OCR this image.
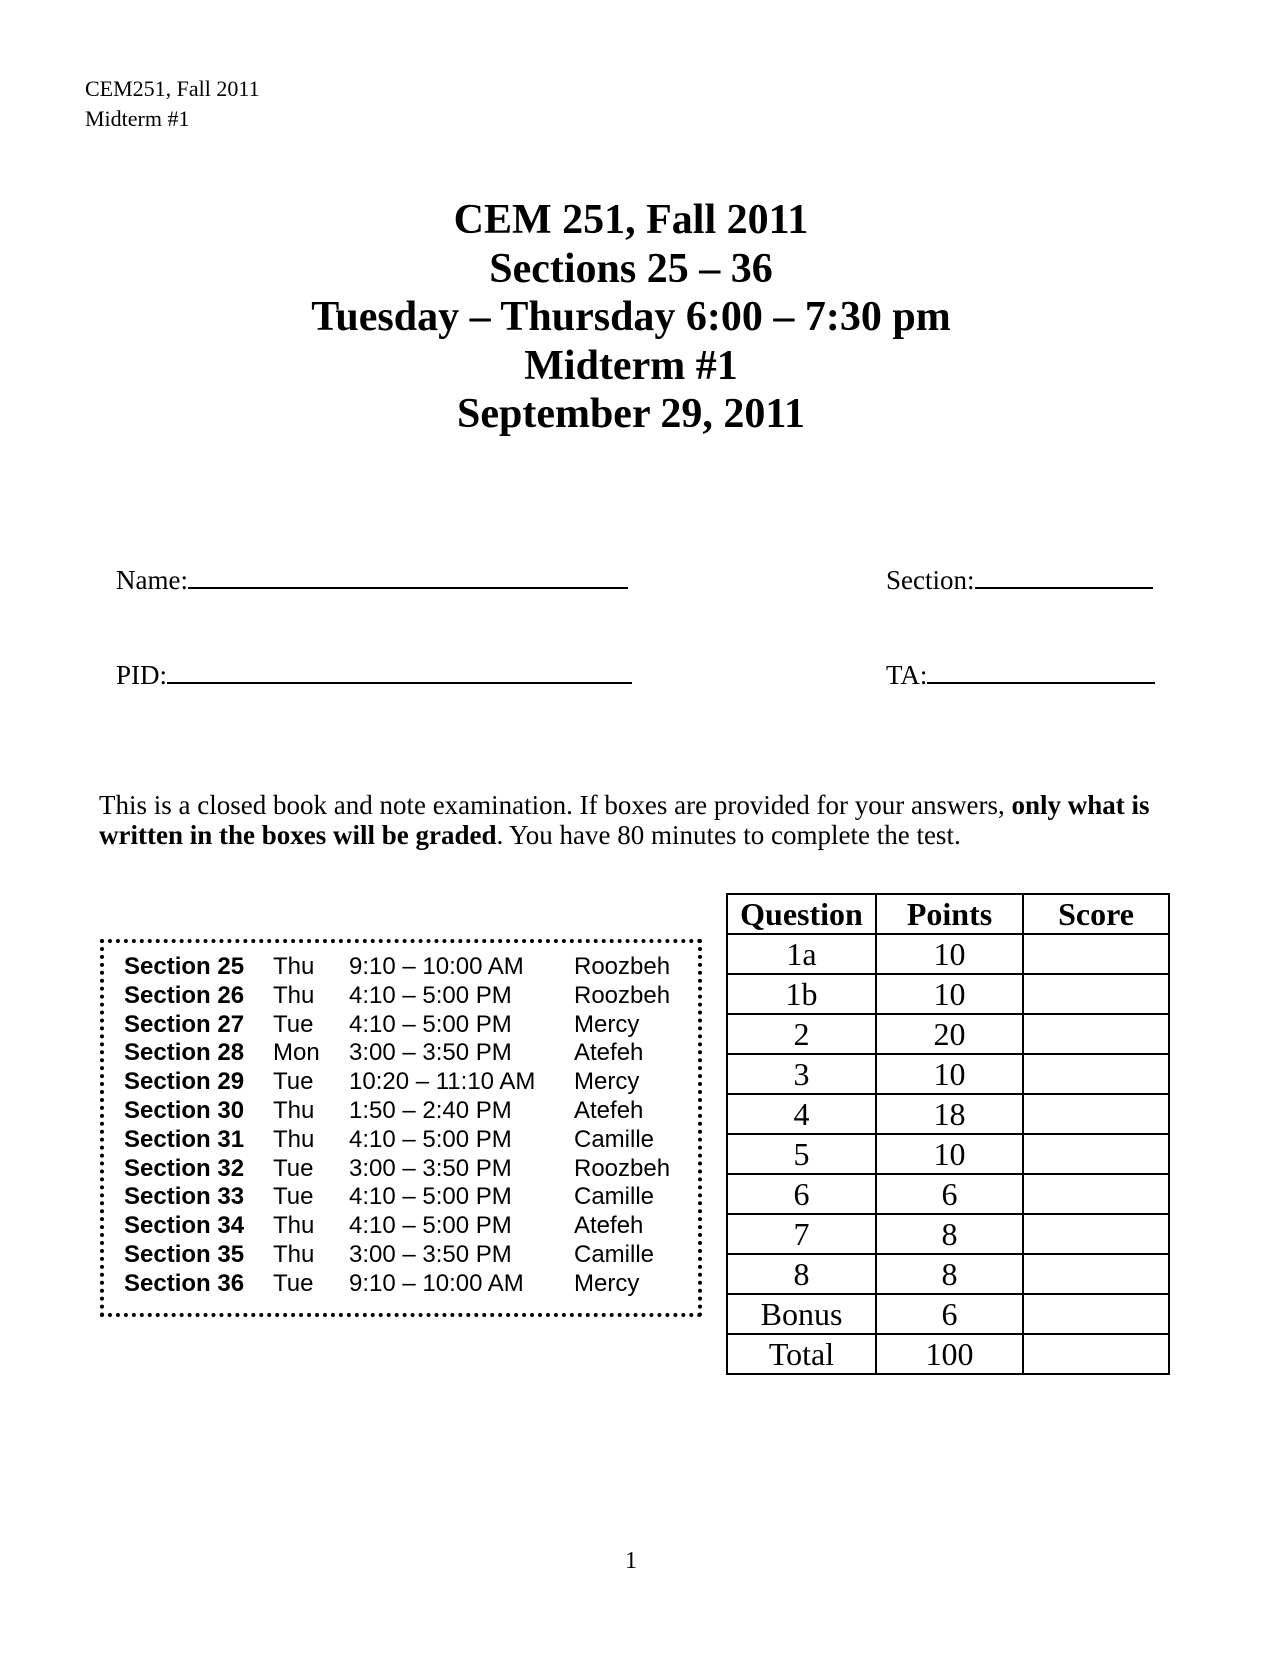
CEM251, Fall 2011
Midterm #1
CEM 251, Fall 2011
Sections 25 – 36
Tuesday – Thursday 6:00 – 7:30 pm
Midterm #1
September 29, 2011
Name:	Section:
PID:	TA:
This is a closed book and note examination. If boxes are provided for your answers, only what is written in the boxes will be graded. You have 80 minutes to complete the test.
Section 25	Thu	9:10 – 10:00 AM	Roozbeh
Section 26	Thu	4:10 – 5:00 PM	Roozbeh
Section 27	Tue	4:10 – 5:00 PM	Mercy
Section 28	Mon	3:00 – 3:50 PM	Atefeh
Section 29	Tue	10:20 – 11:10 AM	Mercy
Section 30	Thu	1:50 – 2:40 PM	Atefeh
Section 31	Thu	4:10 – 5:00 PM	Camille
Section 32	Tue	3:00 – 3:50 PM	Roozbeh
Section 33	Tue	4:10 – 5:00 PM	Camille
Section 34	Thu	4:10 – 5:00 PM	Atefeh
Section 35	Thu	3:00 – 3:50 PM	Camille
Section 36	Tue	9:10 – 10:00 AM	Mercy
Question	Points	Score
1a	10	
1b	10	
2	20	
3	10	
4	18	
5	10	
6	6	
7	8	
8	8	
Bonus	6	
Total	100	
1
